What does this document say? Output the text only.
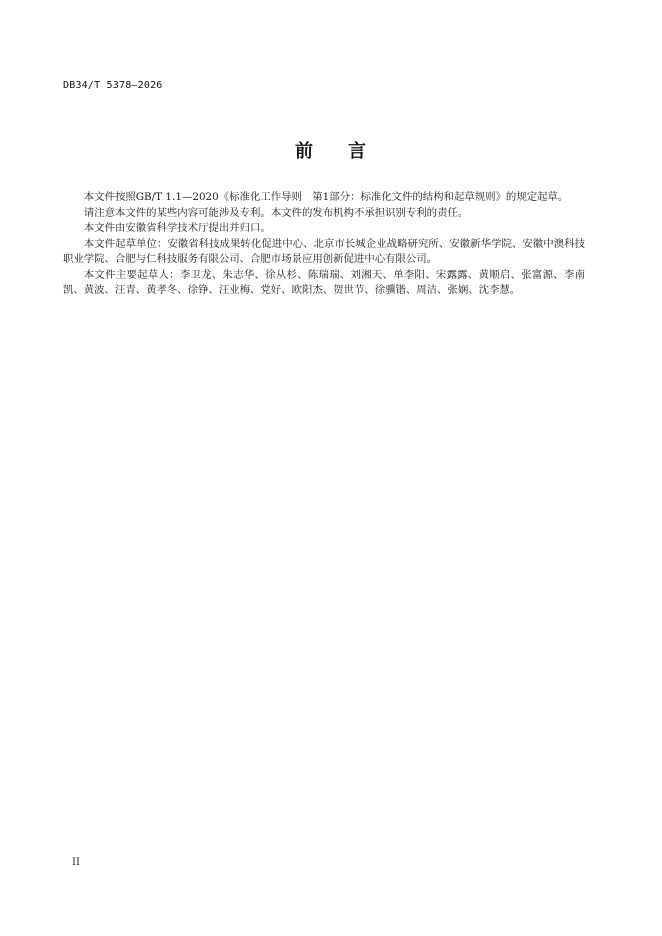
DB34/T 5378—2026
前 言

本文件按照GB/T 1.1—2020《标准化工作导则　第1部分：标准化文件的结构和起草规则》的规定起草。

请注意本文件的某些内容可能涉及专利。本文件的发布机构不承担识别专利的责任。

本文件由安徽省科学技术厅提出并归口。

本文件起草单位：安徽省科技成果转化促进中心、北京市长城企业战略研究所、安徽新华学院、安徽中澳科技职业学院、合肥与仁科技服务有限公司、合肥市场景应用创新促进中心有限公司。

本文件主要起草人：李卫龙、朱志华、徐从杉、陈瑞瑞、刘湘天、单李阳、宋露露、黄顺启、张富源、李南凯、黄波、汪青、黄孝冬、徐铮、汪业梅、党好、欧阳杰、贺世节、徐骥锴、周洁、张娴、沈李慧。

II
